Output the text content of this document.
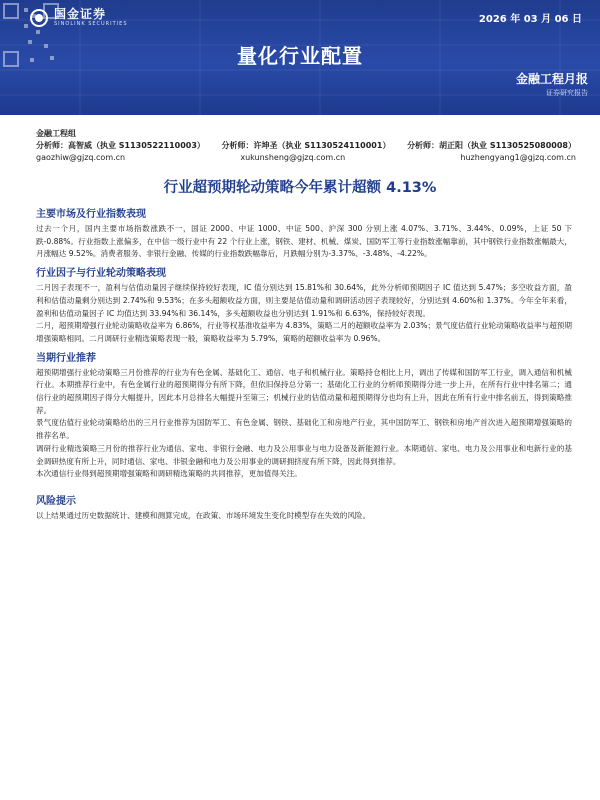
国金证券
SINOLINK SECURITIES	2026 年 03 月 06 日
量化行业配置
金融工程月报
证券研究报告
金融工程组
分析师：高智威（执业 S1130522110003） 分析师：许坤圣（执业 S1130524110001） 分析师：胡正阳（执业 S1130525080008）
gaozhiw@gjzq.com.cn	xukunsheng@gjzq.com.cn	huzhengyang1@gjzq.com.cn
行业超预期轮动策略今年累计超额 4.13%
主要市场及行业指数表现

过去一个月，国内主要市场指数涨跌不一，国证 2000、中证 1000、中证 500、沪深 300 分别上涨 4.07%、3.71%、3.44%、0.09%，上证 50 下跌-0.88%。行业指数上涨偏多，在中信一级行业中有 22 个行业上涨，钢铁、建材、机械、煤炭、国防军工等行业指数涨幅靠前，其中钢铁行业指数涨幅最大，月涨幅达 9.52%。消费者服务、非银行金融、传媒的行业指数跌幅靠后，月跌幅分别为-3.37%、-3.48%、-4.22%。

行业因子与行业轮动策略表现

二月因子表现不一，盈利与估值动量因子继续保持较好表现，IC 值分别达到 15.81%和 30.64%，此外分析师预期因子 IC 值达到 5.47%；多空收益方面，盈利和估值动量剩分别达到 2.74%和 9.53%；在多头超额收益方面，则主要是估值动量和调研活动因子表现较好，分别达到 4.60%和 1.37%。今年全年来看，盈利和估值动量因子 IC 均值达到 33.94%和 36.14%，多头超额收益也分别达到 1.91%和 6.63%，保持较好表现。

二月，超预期增强行业轮动策略收益率为 6.86%，行业等权基准收益率为 4.83%，策略二月的超额收益率为 2.03%；景气度估值行业轮动策略收益率与超预期增强策略相同。二月调研行业精选策略表现一般，策略收益率为 5.79%，策略的超额收益率为 0.96%。

当期行业推荐

超预期增强行业轮动策略三月份推荐的行业为有色金属、基础化工、通信、电子和机械行业。策略持仓相比上月，调出了传媒和国防军工行业，调入通信和机械行业。本期推荐行业中，有色金属行业的超预期得分有所下降，但依旧保持总分第一；基础化工行业的分析师预期得分进一步上升，在所有行业中排名第二；通信行业的超预期因子得分大幅提升，因此本月总排名大幅提升至第三；机械行业的估值动量和超预期得分也均有上升，因此在所有行业中排名前五，得到策略推荐。

景气度估值行业轮动策略给出的三月行业推荐为国防军工、有色金属、钢铁、基础化工和房地产行业，其中国防军工、钢铁和房地产首次进入超预期增强策略的推荐名单。

调研行业精选策略三月份的推荐行业为通信、家电、非银行金融、电力及公用事业与电力设备及新能源行业。本期通信、家电、电力及公用事业和电新行业的基金调研热度有所上升，同时通信、家电、非银金融和电力及公用事业的调研拥挤度有所下降，因此得到推荐。

本次通信行业得到超预期增强策略和调研精选策略的共同推荐，更加值得关注。

风险提示

以上结果通过历史数据统计、建模和测算完成，在政策、市场环境发生变化时模型存在失效的风险。
